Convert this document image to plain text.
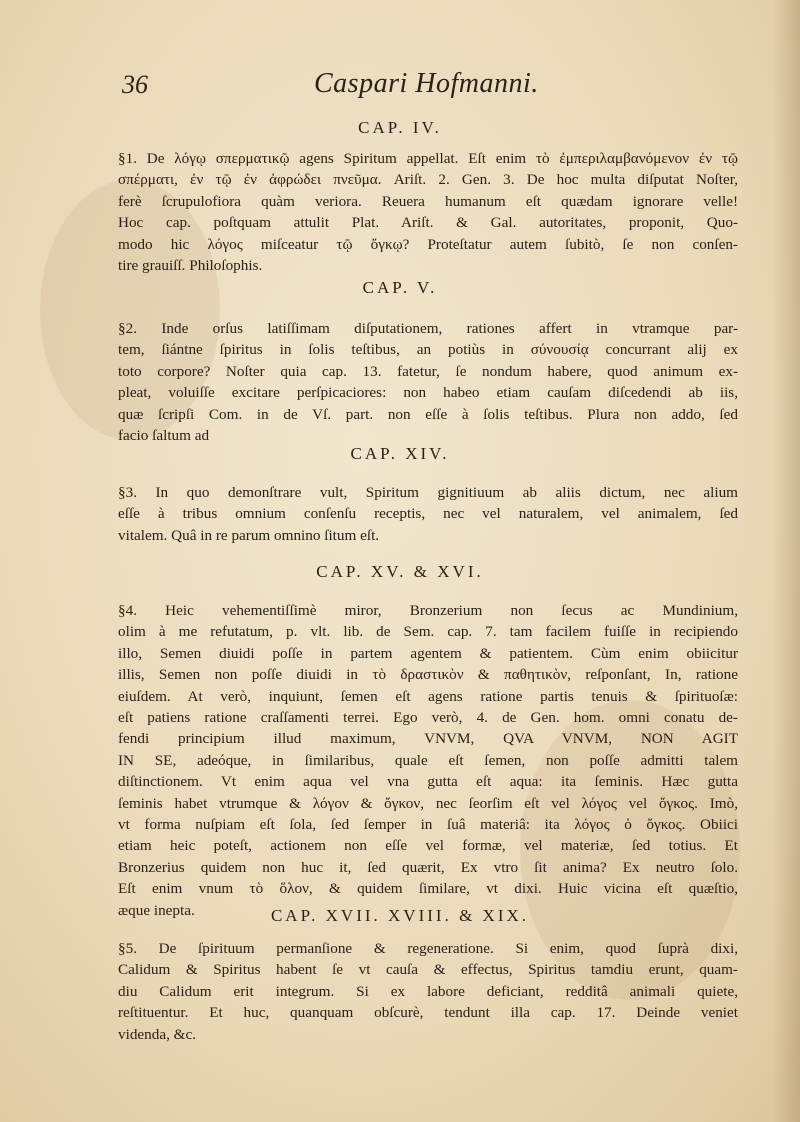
36	Caspari Hofmanni.
CAP. IV.
§1. De λόγῳ σπερματικῷ agens Spiritum appellat. Eſt enim τὸ ἐμπεριλαμβανόμενον ἐν τῷ
σπέρματι, ἐν τῷ ἐν ἀφρώδει πνεῦμα. Ariſt. 2. Gen. 3. De hoc multa diſputat Noſter,
ferè ſcrupulofiora quàm veriora. Reuera humanum eſt quædam ignorare velle!
Hoc cap. poſtquam attulit Plat. Ariſt. & Gal. autoritates, proponit, Quo-
modo hic λόγος miſceatur τῷ ὄγκῳ? Proteſtatur autem ſubitò, ſe non conſen-
tire grauiſſ. Philoſophis.
CAP. V.
§2. Inde orſus latiſſimam diſputationem, rationes affert in vtramque par-
tem, ſiántne ſpiritus in ſolis teſtibus, an potiùs in σύνουσίᾳ concurrant alij ex
toto corpore? Noſter quia cap. 13. fatetur, ſe nondum habere, quod animum ex-
pleat, voluiſſe excitare perſpicaciores: non habeo etiam cauſam diſcedendi ab iis,
quæ ſcripſi Com. in de Vſ. part. non eſſe à ſolis teſtibus. Plura non addo, ſed
facio ſaltum ad
CAP. XIV.
§3. In quo demonſtrare vult, Spiritum gignitiuum ab aliis dictum, nec alium
eſſe à tribus omnium conſenſu receptis, nec vel naturalem, vel animalem, ſed
vitalem. Quâ in re parum omnino ſitum eſt.
CAP. XV. & XVI.
§4. Heic vehementiſſimè miror, Bronzerium non ſecus ac Mundinium,
olim à me refutatum, p. vlt. lib. de Sem. cap. 7. tam facilem fuiſſe in recipiendo
illo, Semen diuidi poſſe in partem agentem & patientem. Cùm enim obiicitur
illis, Semen non poſſe diuidi in τὸ δραστικὸν & παθητικὸν, reſponſant, In, ratione
eiuſdem. At verò, inquiunt, ſemen eſt agens ratione partis tenuis & ſpirituoſæ:
eſt patiens ratione craſſamenti terrei. Ego verò, 4. de Gen. hom. omni conatu de-
fendi principium illud maximum, VNVM, QVA VNVM, NON AGIT
IN SE, adeóque, in ſimilaribus, quale eſt ſemen, non poſſe admitti talem
diſtinctionem. Vt enim aqua vel vna gutta eſt aqua: ita ſeminis. Hæc gutta
ſeminis habet vtrumque & λόγον & ὄγκον, nec ſeorſim eſt vel λόγος vel ὄγκος. Imò,
vt forma nuſpiam eſt ſola, ſed ſemper in ſuâ materiâ: ita λόγος ὁ ὄγκος. Obiici
etiam heic poteſt, actionem non eſſe vel formæ, vel materiæ, ſed totius. Et
Bronzerius quidem non huc it, ſed quærit, Ex vtro ſit anima? Ex neutro ſolo.
Eſt enim vnum τὸ ὅλον, & quidem ſimilare, vt dixi. Huic vicina eſt quæſtio,
æque inepta.	CAP. XVII. XVIII. & XIX.
§5. De ſpirituum permanſione & regeneratione. Si enim, quod ſuprà dixi,
Calidum & Spiritus habent ſe vt cauſa & effectus, Spiritus tamdiu erunt, quam-
diu Calidum erit integrum. Si ex labore deficiant, redditâ animali quiete,
reſtituentur. Et huc, quanquam obſcurè, tendunt illa cap. 17. Deinde veniet
videnda, &c.
